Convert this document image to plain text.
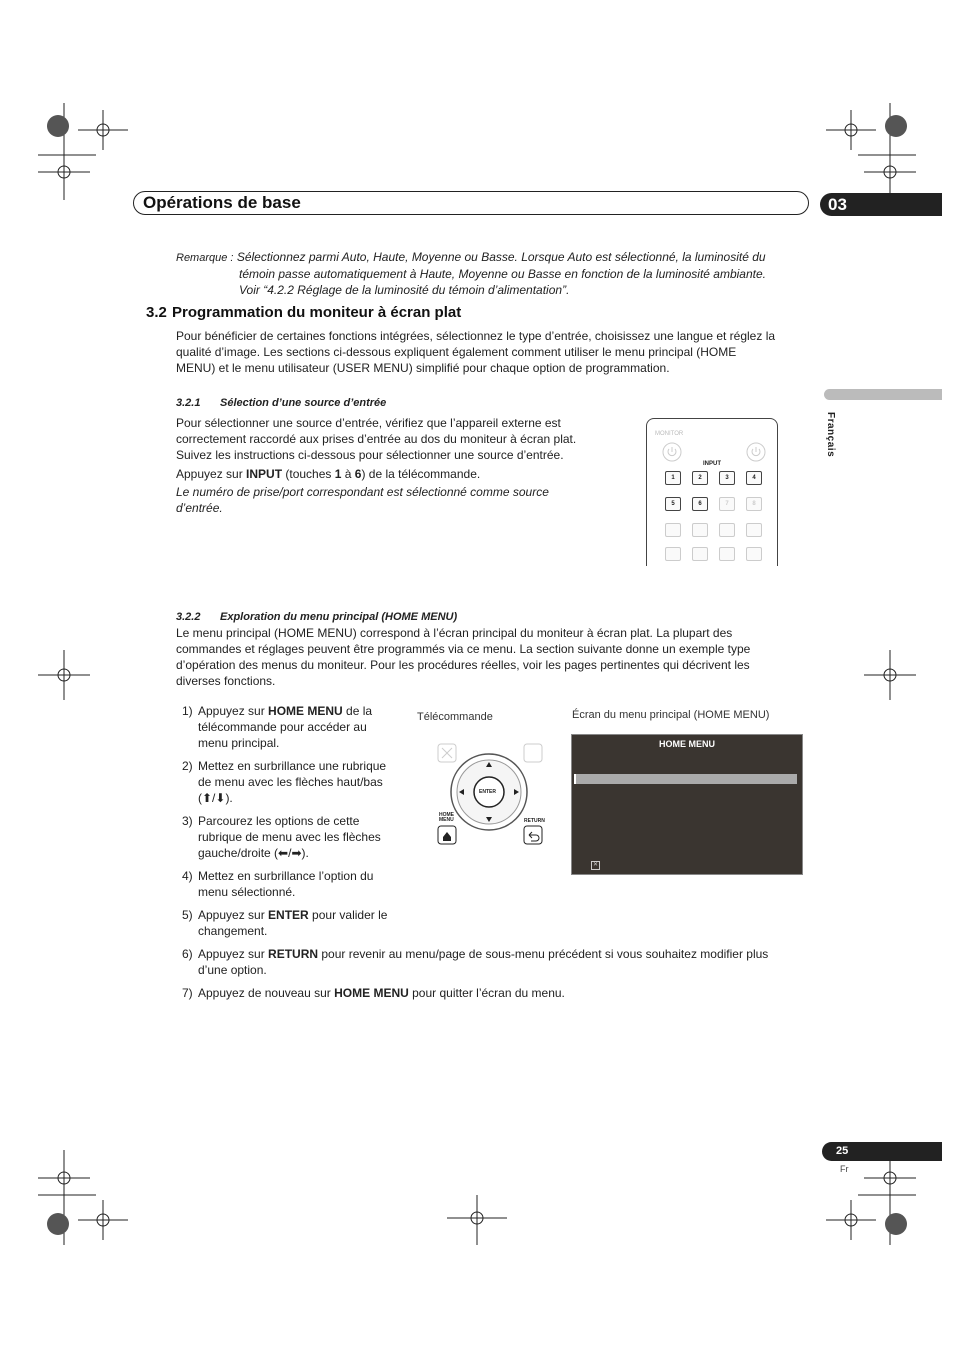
Opérations de base	03
Français
Remarque : Sélectionnez parmi Auto, Haute, Moyenne ou Basse. Lorsque Auto est sélectionné, la luminosité du
témoin passe automatiquement à Haute, Moyenne ou Basse en fonction de la luminosité ambiante.
Voir “4.2.2 Réglage de la luminosité du témoin d’alimentation”.
3.2 Programmation du moniteur à écran plat
Pour bénéficier de certaines fonctions intégrées, sélectionnez le type d’entrée, choisissez une langue et réglez la
qualité d’image. Les sections ci-dessous expliquent également comment utiliser le menu principal (HOME
MENU) et le menu utilisateur (USER MENU) simplifié pour chaque option de programmation.
3.2.1 Sélection d’une source d’entrée
Pour sélectionner une source d’entrée, vérifiez que l’appareil externe est
correctement raccordé aux prises d’entrée au dos du moniteur à écran plat.
Suivez les instructions ci-dessous pour sélectionner une source d’entrée.
Appuyez sur INPUT (touches 1 à 6) de la télécommande.
Le numéro de prise/port correspondant est sélectionné comme source
d’entrée.
MONITOR
INPUT
1	2	3	4
5	6	7	8
3.2.2 Exploration du menu principal (HOME MENU)
Le menu principal (HOME MENU) correspond à l’écran principal du moniteur à écran plat. La plupart des
commandes et réglages peuvent être programmés via ce menu. La section suivante donne un exemple type
d’opération des menus du moniteur. Pour les procédures réelles, voir les pages pertinentes qui décrivent les
diverses fonctions.
1) Appuyez sur HOME MENU de la
télécommande pour accéder au
menu principal.
2) Mettez en surbrillance une rubrique
de menu avec les flèches haut/bas
(⬆/⬇).
3) Parcourez les options de cette
rubrique de menu avec les flèches
gauche/droite (⬅/➡).
4) Mettez en surbrillance l’option du
menu sélectionné.
5) Appuyez sur ENTER pour valider le
changement.
6) Appuyez sur RETURN pour revenir au menu/page de sous-menu précédent si vous souhaitez modifier plus
d’une option.
7) Appuyez de nouveau sur HOME MENU pour quitter l’écran du menu.
Télécommande	Écran du menu principal (HOME MENU)
ENTER
HOME
MENU	RETURN
HOME MENU
✕
25
Fr
